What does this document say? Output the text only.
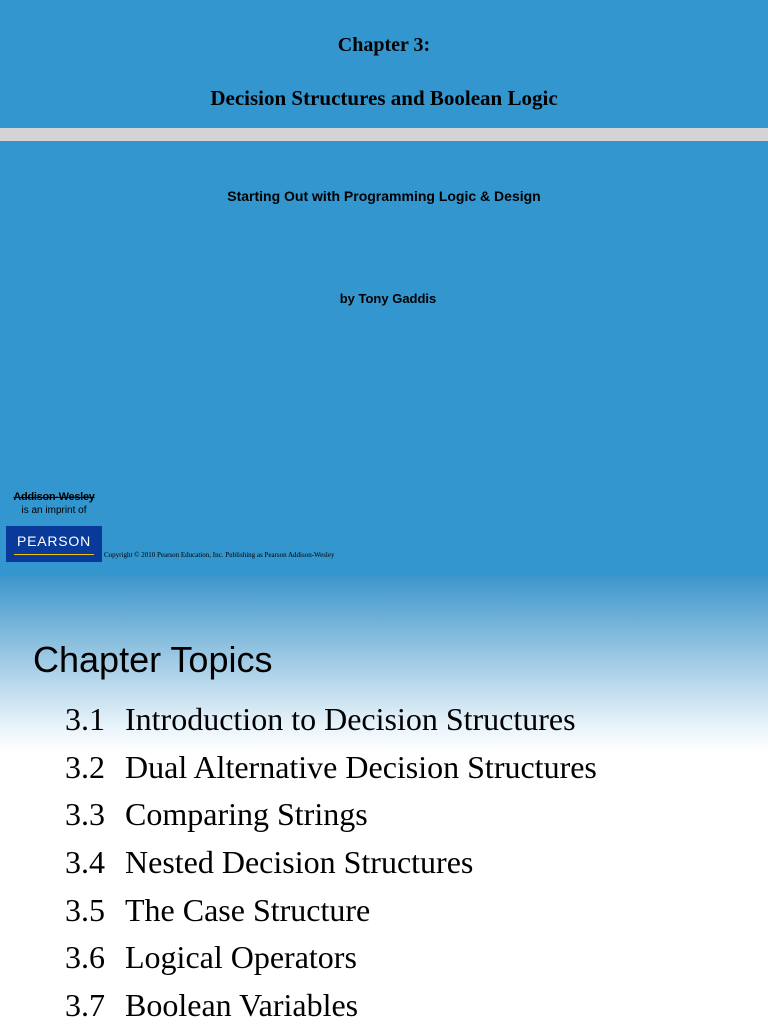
Chapter 3:
Decision Structures and Boolean Logic
Starting Out with Programming Logic & Design
by Tony Gaddis
Addison-Wesley
is an imprint of
PEARSON
Copyright © 2010 Pearson Education, Inc. Publishing as Pearson Addison-Wesley
Chapter Topics
3.1 Introduction to Decision Structures
3.2 Dual Alternative Decision Structures
3.3 Comparing Strings
3.4 Nested Decision Structures
3.5 The Case Structure
3.6 Logical Operators
3.7 Boolean Variables
